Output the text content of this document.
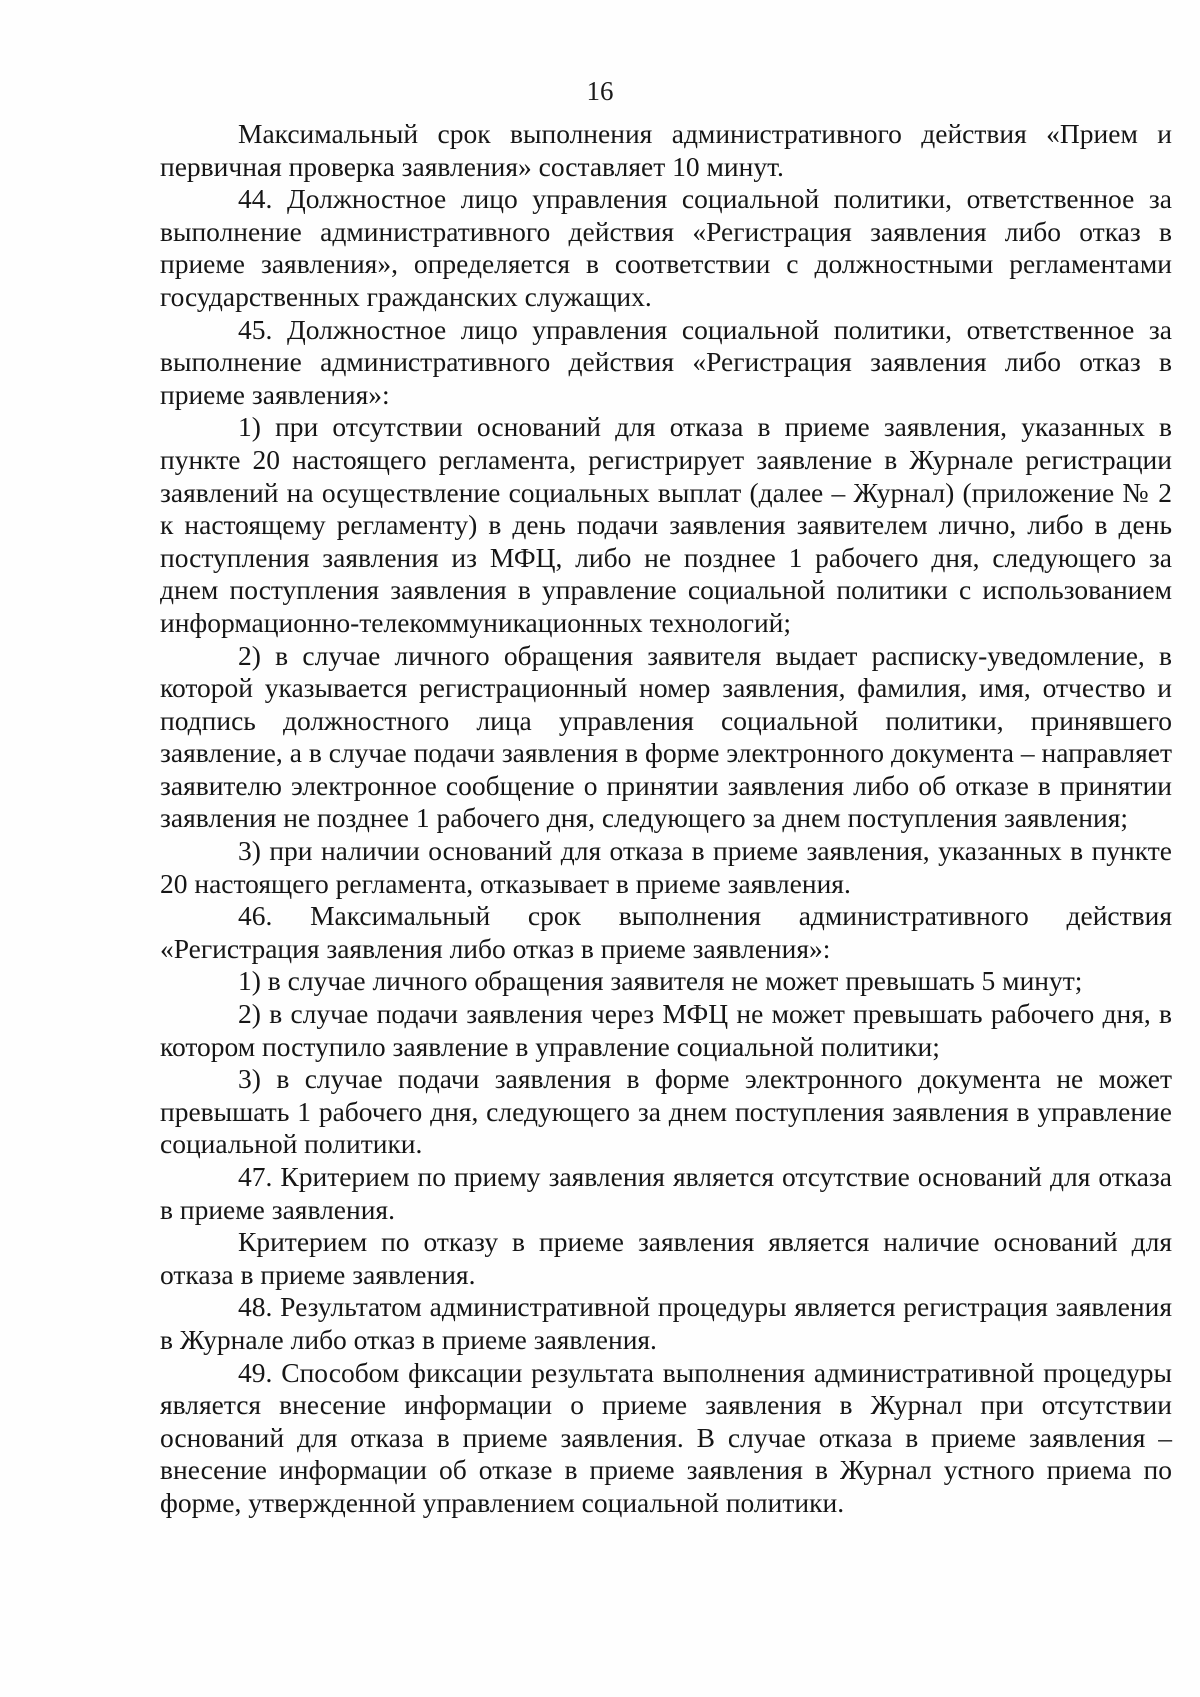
16

Максимальный срок выполнения административного действия «Прием и первичная проверка заявления» составляет 10 минут.

44. Должностное лицо управления социальной политики, ответственное за выполнение административного действия «Регистрация заявления либо отказ в приеме заявления», определяется в соответствии с должностными регламентами государственных гражданских служащих.

45. Должностное лицо управления социальной политики, ответственное за выполнение административного действия «Регистрация заявления либо отказ в приеме заявления»:

1) при отсутствии оснований для отказа в приеме заявления, указанных в пункте 20 настоящего регламента, регистрирует заявление в Журнале регистрации заявлений на осуществление социальных выплат (далее – Журнал) (приложение № 2 к настоящему регламенту) в день подачи заявления заявителем лично, либо в день поступления заявления из МФЦ, либо не позднее 1 рабочего дня, следующего за днем поступления заявления в управление социальной политики с использованием информационно-телекоммуникационных технологий;

2) в случае личного обращения заявителя выдает расписку-уведомление, в которой указывается регистрационный номер заявления, фамилия, имя, отчество и подпись должностного лица управления социальной политики, принявшего заявление, а в случае подачи заявления в форме электронного документа – направляет заявителю электронное сообщение о принятии заявления либо об отказе в принятии заявления не позднее 1 рабочего дня, следующего за днем поступления заявления;

3) при наличии оснований для отказа в приеме заявления, указанных в пункте 20 настоящего регламента, отказывает в приеме заявления.

46. Максимальный срок выполнения административного действия «Регистрация заявления либо отказ в приеме заявления»:

1) в случае личного обращения заявителя не может превышать 5 минут;

2) в случае подачи заявления через МФЦ не может превышать рабочего дня, в котором поступило заявление в управление социальной политики;

3) в случае подачи заявления в форме электронного документа не может превышать 1 рабочего дня, следующего за днем поступления заявления в управление социальной политики.

47. Критерием по приему заявления является отсутствие оснований для отказа в приеме заявления.

Критерием по отказу в приеме заявления является наличие оснований для отказа в приеме заявления.

48. Результатом административной процедуры является регистрация заявления в Журнале либо отказ в приеме заявления.

49. Способом фиксации результата выполнения административной процедуры является внесение информации о приеме заявления в Журнал при отсутствии оснований для отказа в приеме заявления. В случае отказа в приеме заявления – внесение информации об отказе в приеме заявления в Журнал устного приема по форме, утвержденной управлением социальной политики.
